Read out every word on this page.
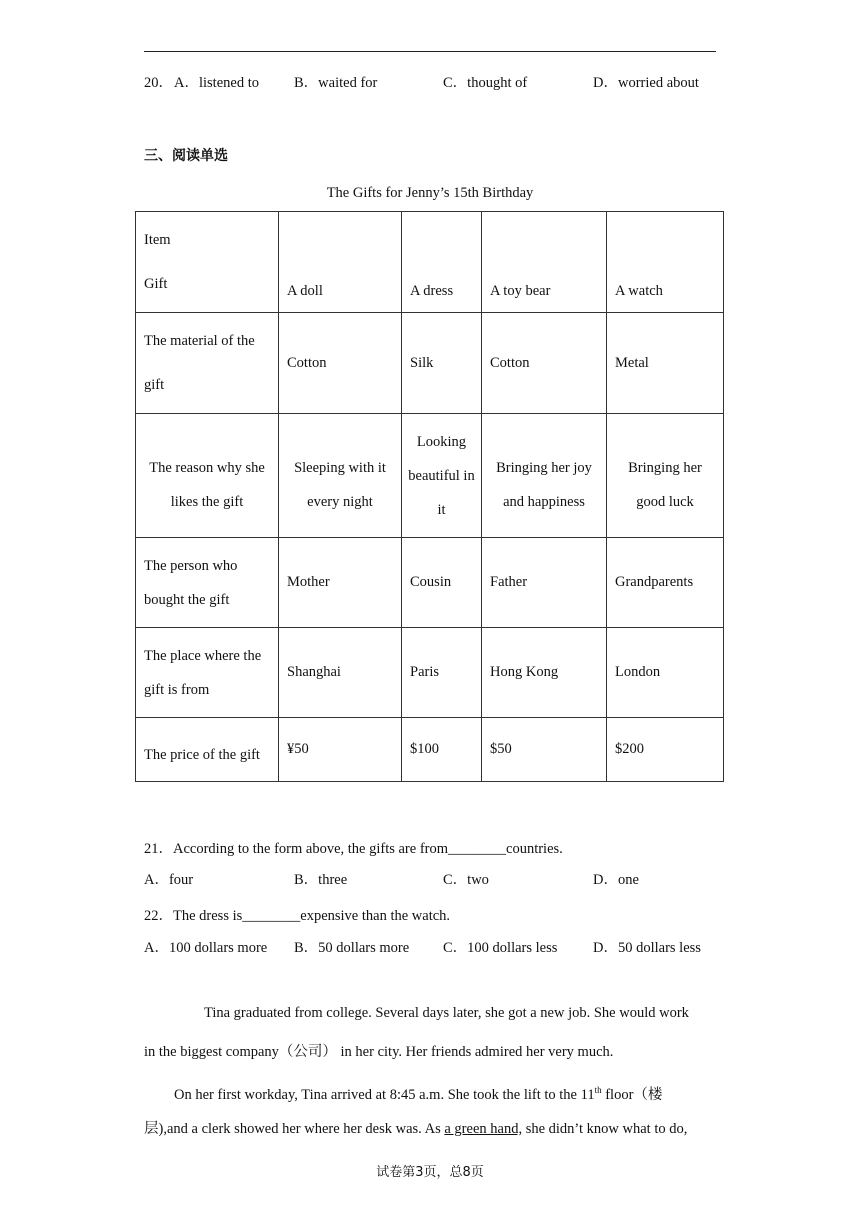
20． A．listened to B．waited for	C．thought of	D．worried about
三、阅读单选
The Gifts for Jenny’s 15th Birthday
Item
Gift	A doll	A dress	A toy bear	A watch

The material of the gift	Cotton	Silk	Cotton	Metal

The reason why she likes the gift	Sleeping with it every night	Looking beautiful in it	Bringing her joy and happiness	Bringing her good luck

The person who bought the gift	Mother	Cousin	Father	Grandparents

The place where the gift is from	Shanghai	Paris	Hong Kong	London
The price of the gift	¥50	$100	$50	$200
21．According to the form above, the gifts are from________countries.
A．four	B．three	C．two	D．one
22．The dress is________expensive than the watch.
A．100 dollars more B．50 dollars more C．100 dollars less D．50 dollars less
Tina graduated from college. Several days later, she got a new job. She would work
in the biggest company（公司） in her city. Her friends admired her very much.
On her first workday, Tina arrived at 8:45 a.m. She took the lift to the 11th floor（楼
层),and a clerk showed her where her desk was. As a green hand, she didn’t know what to do,
试卷第3页，总8页
